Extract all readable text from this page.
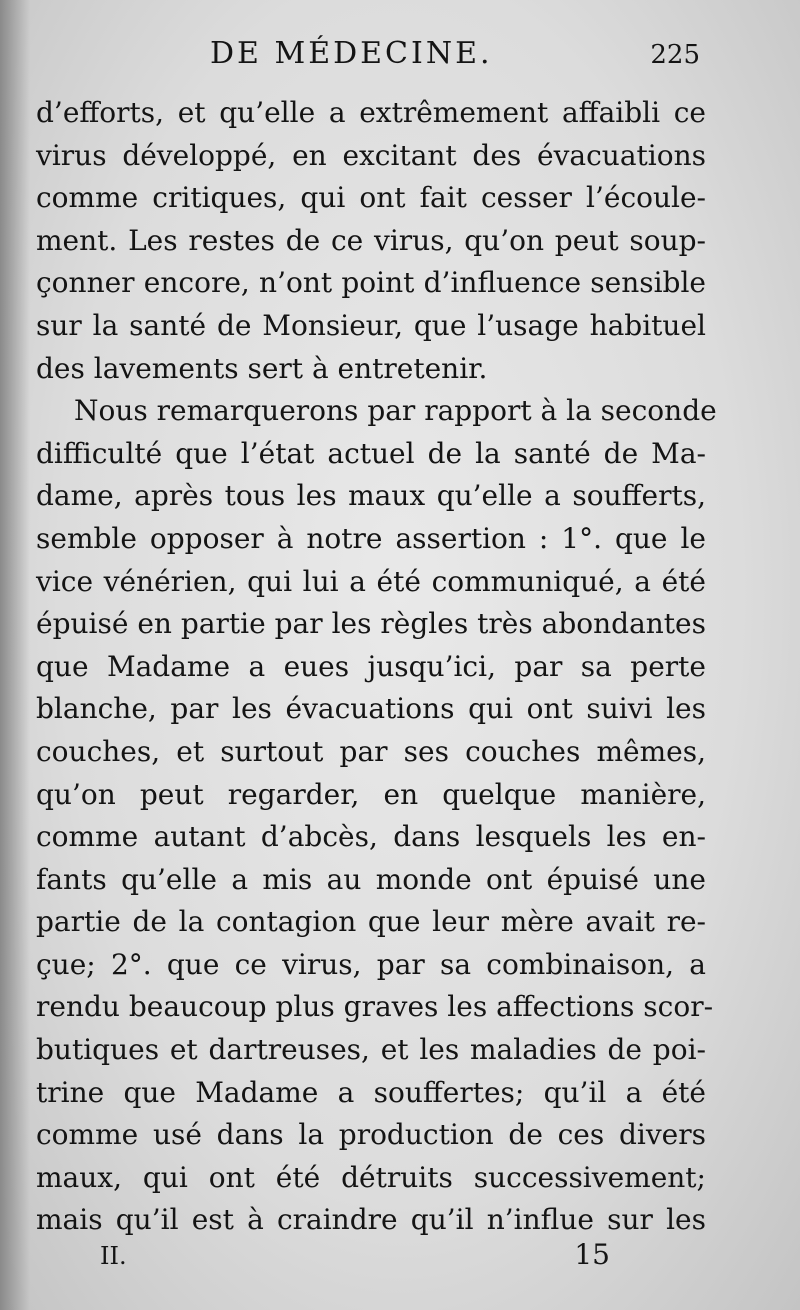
DE MÉDECINE.	225
d’efforts, et qu’elle a extrêmement affaibli ce
virus développé, en excitant des évacuations
comme critiques, qui ont fait cesser l’écoule-
ment. Les restes de ce virus, qu’on peut soup-
çonner encore, n’ont point d’influence sensible
sur la santé de Monsieur, que l’usage habituel
des lavements sert à entretenir.
Nous remarquerons par rapport à la seconde
difficulté que l’état actuel de la santé de Ma-
dame, après tous les maux qu’elle a soufferts,
semble opposer à notre assertion : 1°. que le
vice vénérien, qui lui a été communiqué, a été
épuisé en partie par les règles très abondantes
que Madame a eues jusqu’ici, par sa perte
blanche, par les évacuations qui ont suivi les
couches, et surtout par ses couches mêmes,
qu’on peut regarder, en quelque manière,
comme autant d’abcès, dans lesquels les en-
fants qu’elle a mis au monde ont épuisé une
partie de la contagion que leur mère avait re-
çue; 2°. que ce virus, par sa combinaison, a
rendu beaucoup plus graves les affections scor-
butiques et dartreuses, et les maladies de poi-
trine que Madame a souffertes; qu’il a été
comme usé dans la production de ces divers
maux, qui ont été détruits successivement;
mais qu’il est à craindre qu’il n’influe sur les
II.	15
